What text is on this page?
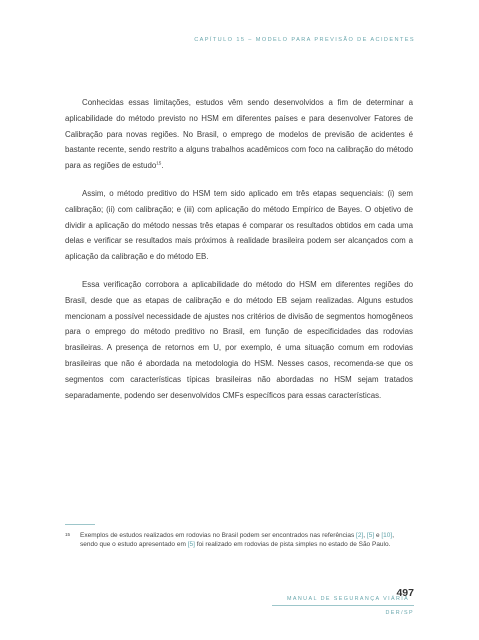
CAPÍTULO 15 – MODELO PARA PREVISÃO DE ACIDENTES

Conhecidas essas limitações, estudos vêm sendo desenvolvidos a fim de determinar a aplicabilidade do método previsto no HSM em diferentes países e para desenvolver Fatores de Calibração para novas regiões. No Brasil, o emprego de modelos de previsão de acidentes é bastante recente, sendo restrito a alguns trabalhos acadêmicos com foco na calibração do método para as regiões de estudo$^{15}$.

Assim, o método preditivo do HSM tem sido aplicado em três etapas sequenciais: (i) sem calibração; (ii) com calibração; e (iii) com aplicação do método Empírico de Bayes. O objetivo de dividir a aplicação do método nessas três etapas é comparar os resultados obtidos em cada uma delas e verificar se resultados mais próximos à realidade brasileira podem ser alcançados com a aplicação da calibração e do método EB.

Essa verificação corrobora a aplicabilidade do método do HSM em diferentes regiões do Brasil, desde que as etapas de calibração e do método EB sejam realizadas. Alguns estudos mencionam a possível necessidade de ajustes nos critérios de divisão de segmentos homogêneos para o emprego do método preditivo no Brasil, em função de especificidades das rodovias brasileiras. A presença de retornos em U, por exemplo, é uma situação comum em rodovias brasileiras que não é abordada na metodologia do HSM. Nesses casos, recomenda-se que os segmentos com características típicas brasileiras não abordadas no HSM sejam tratados separadamente, podendo ser desenvolvidos CMFs específicos para essas características.

15 Exemplos de estudos realizados em rodovias no Brasil podem ser encontrados nas referências [2], [5] e [10], sendo que o estudo apresentado em [5] foi realizado em rodovias de pista simples no estado de São Paulo.
497
MANUAL DE SEGURANÇA VIÁRIA
DER/SP
